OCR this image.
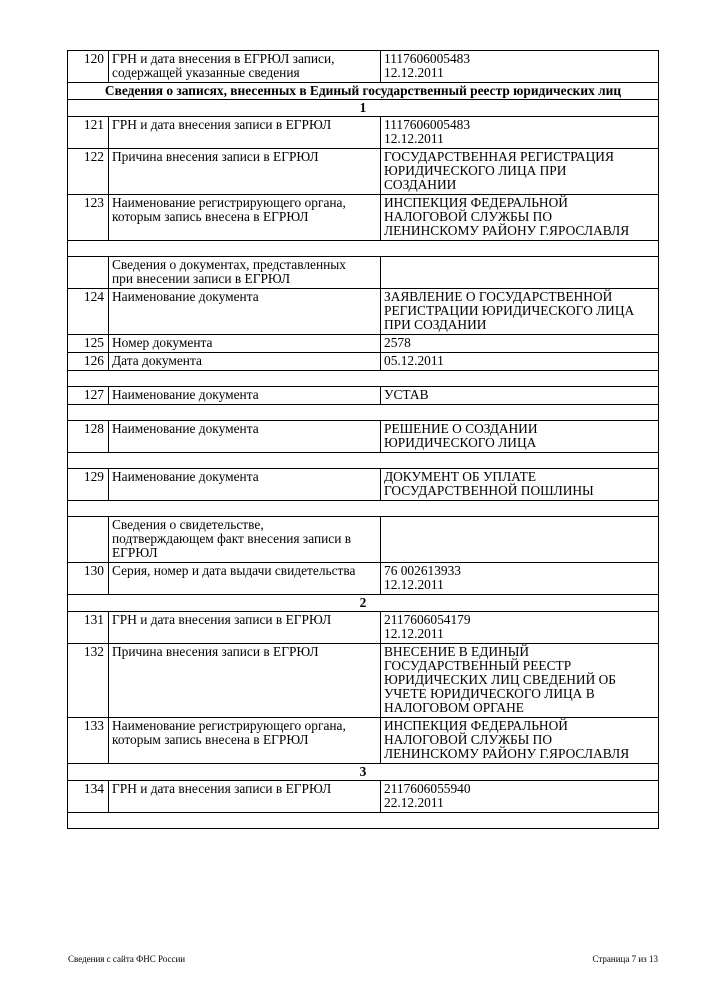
120	ГРН и дата внесения в ЕГРЮЛ записи,
содержащей указанные сведения	1117606005483
12.12.2011
Сведения о записях, внесенных в Единый государственный реестр юридических лиц		
1		
121	ГРН и дата внесения записи в ЕГРЮЛ	1117606005483
12.12.2011
122	Причина внесения записи в ЕГРЮЛ	ГОСУДАРСТВЕННАЯ РЕГИСТРАЦИЯ
ЮРИДИЧЕСКОГО ЛИЦА ПРИ
СОЗДАНИИ
123	Наименование регистрирующего органа,
которым запись внесена в ЕГРЮЛ	ИНСПЕКЦИЯ ФЕДЕРАЛЬНОЙ
НАЛОГОВОЙ СЛУЖБЫ ПО
ЛЕНИНСКОМУ РАЙОНУ Г.ЯРОСЛАВЛЯ

	Сведения о документах, представленных
при внесении записи в ЕГРЮЛ	
124	Наименование документа	ЗАЯВЛЕНИЕ О ГОСУДАРСТВЕННОЙ
РЕГИСТРАЦИИ ЮРИДИЧЕСКОГО ЛИЦА
ПРИ СОЗДАНИИ
125	Номер документа	2578
126	Дата документа	05.12.2011

127	Наименование документа	УСТАВ

128	Наименование документа	РЕШЕНИЕ О СОЗДАНИИ
ЮРИДИЧЕСКОГО ЛИЦА

129	Наименование документа	ДОКУМЕНТ ОБ УПЛАТЕ
ГОСУДАРСТВЕННОЙ ПОШЛИНЫ

	Сведения о свидетельстве,
подтверждающем факт внесения записи в
ЕГРЮЛ	
130	Серия, номер и дата выдачи свидетельства	76 002613933
12.12.2011
2		
131	ГРН и дата внесения записи в ЕГРЮЛ	2117606054179
12.12.2011
132	Причина внесения записи в ЕГРЮЛ	ВНЕСЕНИЕ В ЕДИНЫЙ
ГОСУДАРСТВЕННЫЙ РЕЕСТР
ЮРИДИЧЕСКИХ ЛИЦ СВЕДЕНИЙ ОБ
УЧЕТЕ ЮРИДИЧЕСКОГО ЛИЦА В
НАЛОГОВОМ ОРГАНЕ
133	Наименование регистрирующего органа,
которым запись внесена в ЕГРЮЛ	ИНСПЕКЦИЯ ФЕДЕРАЛЬНОЙ
НАЛОГОВОЙ СЛУЖБЫ ПО
ЛЕНИНСКОМУ РАЙОНУ Г.ЯРОСЛАВЛЯ
3		
134	ГРН и дата внесения записи в ЕГРЮЛ	2117606055940
22.12.2011

Сведения с сайта ФНС России	Страница 7 из 13
